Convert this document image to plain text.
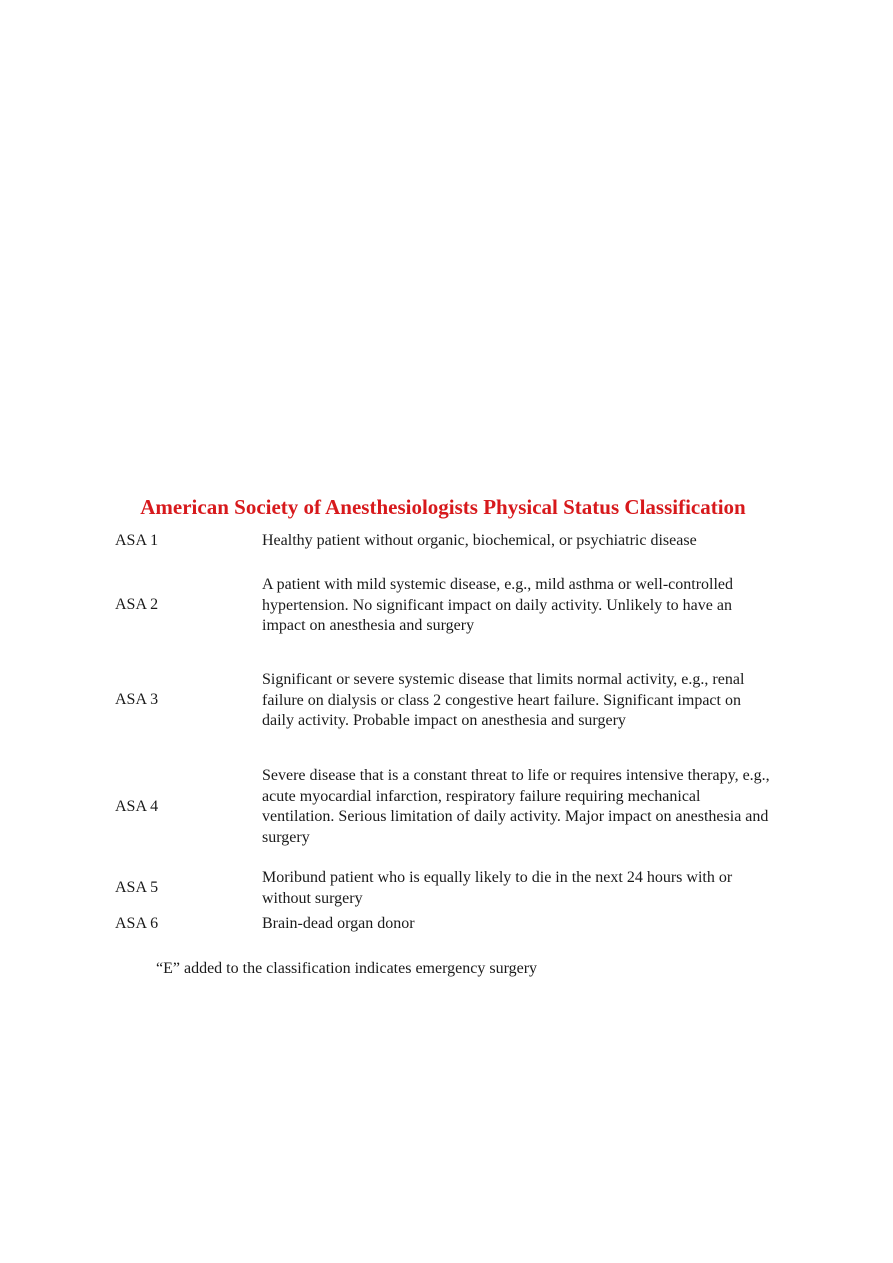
American Society of Anesthesiologists Physical Status Classification
ASA 1	Healthy patient without organic, biochemical, or psychiatric disease
ASA 2
A patient with mild systemic disease, e.g., mild asthma or well-controlled hypertension. No significant impact on daily activity. Unlikely to have an impact on anesthesia and surgery
ASA 3
Significant or severe systemic disease that limits normal activity, e.g., renal failure on dialysis or class 2 congestive heart failure. Significant impact on daily activity. Probable impact on anesthesia and surgery
ASA 4
Severe disease that is a constant threat to life or requires intensive therapy, e.g., acute myocardial infarction, respiratory failure requiring mechanical ventilation. Serious limitation of daily activity. Major impact on anesthesia and surgery
ASA 5
Moribund patient who is equally likely to die in the next 24 hours with or without surgery
ASA 6	Brain-dead organ donor
“E” added to the classification indicates emergency surgery
